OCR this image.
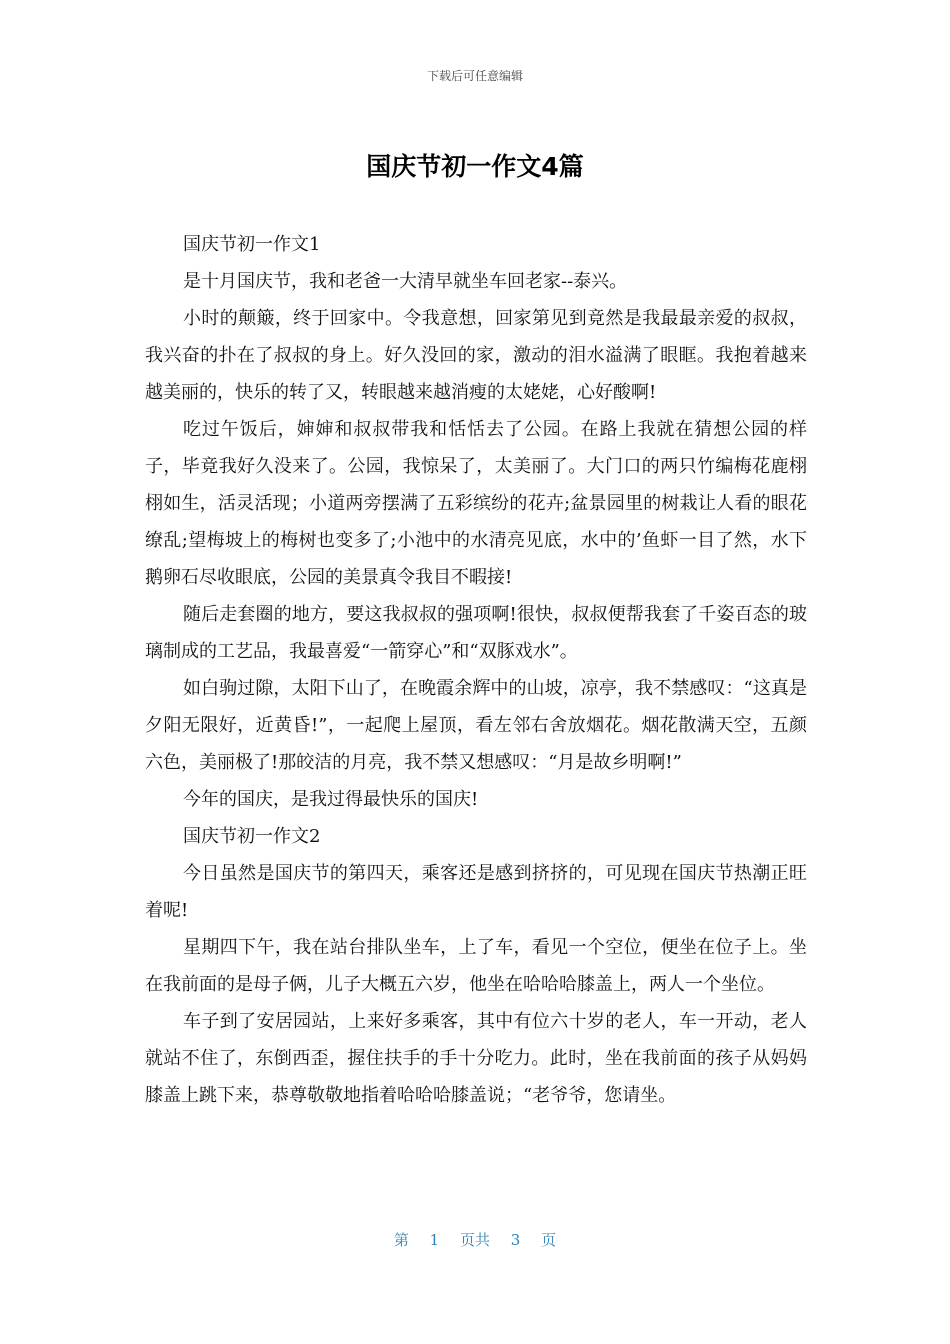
下载后可任意编辑
国庆节初一作文4篇

国庆节初一作文1

是十月国庆节，我和老爸一大清早就坐车回老家--泰兴。

小时的颠簸，终于回家中。令我意想，回家第见到竟然是我最最亲爱的叔叔，我兴奋的扑在了叔叔的身上。好久没回的家，激动的泪水溢满了眼眶。我抱着越来越美丽的，快乐的转了又，转眼越来越消瘦的太姥姥，心好酸啊!

吃过午饭后，婶婶和叔叔带我和恬恬去了公园。在路上我就在猜想公园的样子，毕竟我好久没来了。公园，我惊呆了，太美丽了。大门口的两只竹编梅花鹿栩栩如生，活灵活现；小道两旁摆满了五彩缤纷的花卉;盆景园里的树栽让人看的眼花缭乱;望梅坡上的梅树也变多了;小池中的水清亮见底，水中的’鱼虾一目了然，水下鹅卵石尽收眼底，公园的美景真令我目不暇接!

随后走套圈的地方，要这我叔叔的强项啊!很快，叔叔便帮我套了千姿百态的玻璃制成的工艺品，我最喜爱“一箭穿心”和“双豚戏水”。

如白驹过隙，太阳下山了，在晚霞余辉中的山坡，凉亭，我不禁感叹：“这真是夕阳无限好，近黄昏!”，一起爬上屋顶，看左邻右舍放烟花。烟花散满天空，五颜六色，美丽极了!那皎洁的月亮，我不禁又想感叹：“月是故乡明啊!”

今年的国庆，是我过得最快乐的国庆!

国庆节初一作文2

今日虽然是国庆节的第四天，乘客还是感到挤挤的，可见现在国庆节热潮正旺着呢!

星期四下午，我在站台排队坐车，上了车，看见一个空位，便坐在位子上。坐在我前面的是母子俩，儿子大概五六岁，他坐在哈哈哈膝盖上，两人一个坐位。

车子到了安居园站，上来好多乘客，其中有位六十岁的老人，车一开动，老人就站不住了，东倒西歪，握住扶手的手十分吃力。此时，坐在我前面的孩子从妈妈膝盖上跳下来，恭尊敬敬地指着哈哈哈膝盖说；“老爷爷，您请坐。

第 1 页共 3 页
